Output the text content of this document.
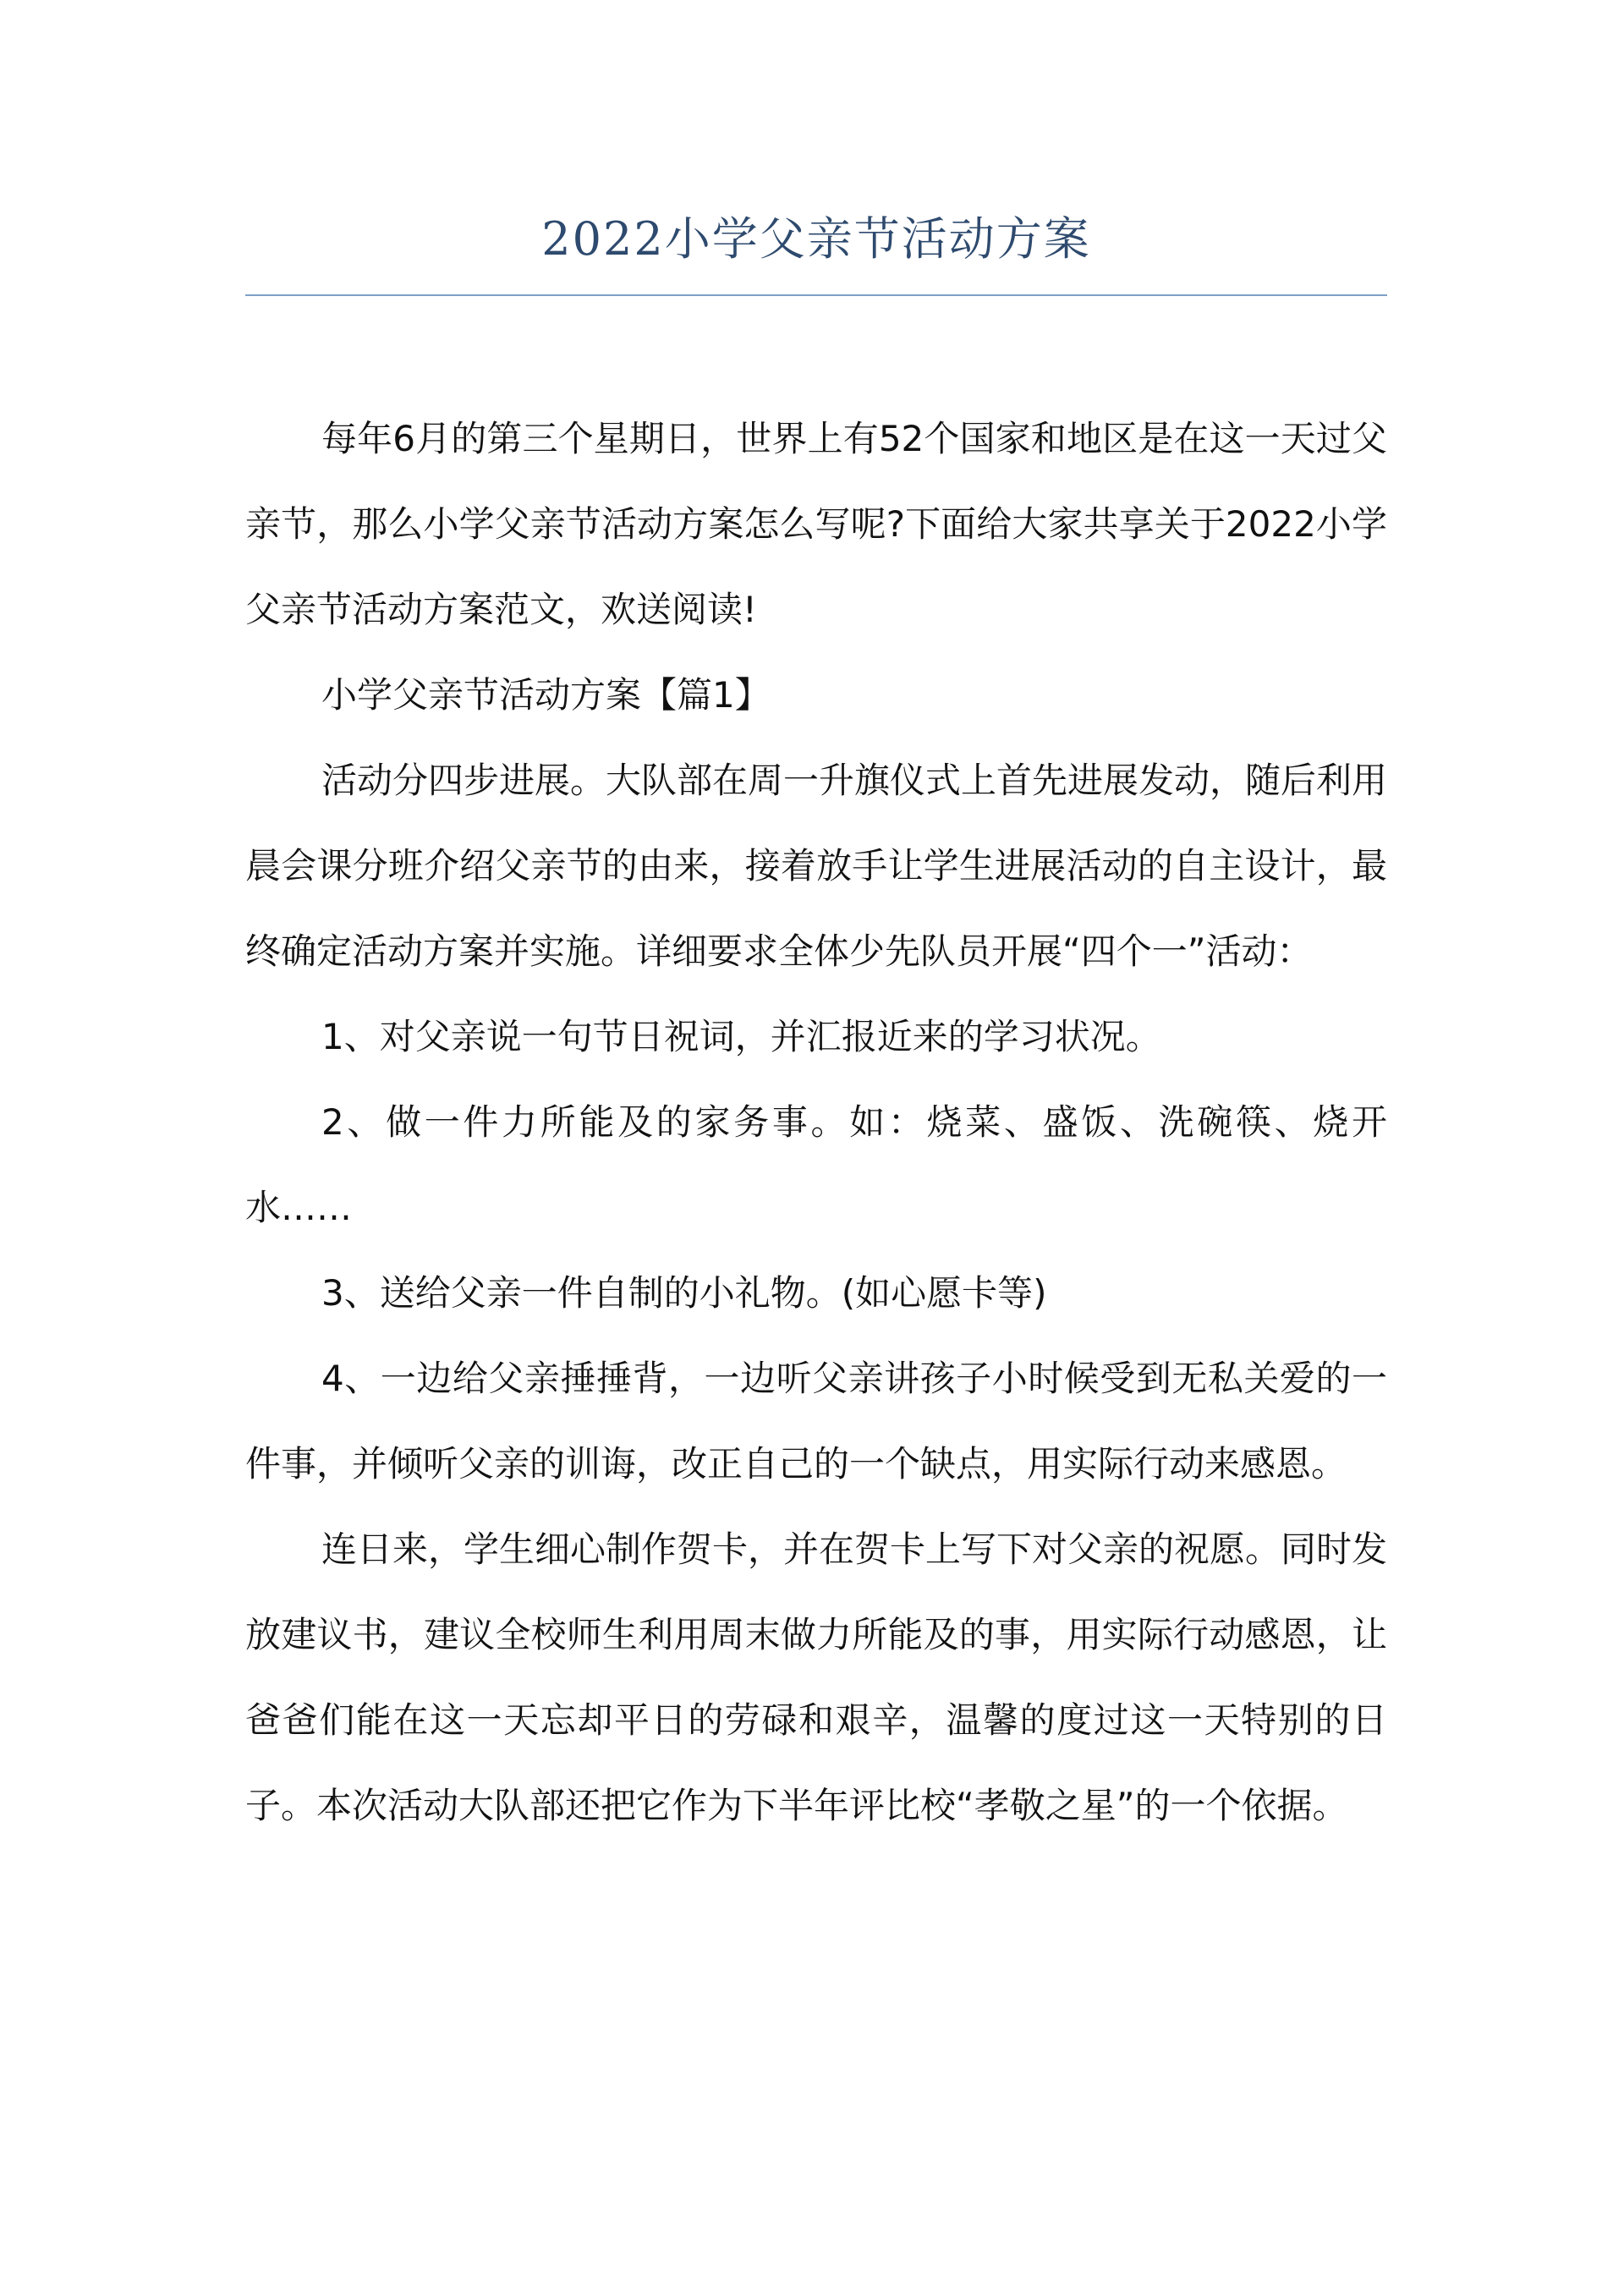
2022小学父亲节活动方案

每年6月的第三个星期日，世界上有52个国家和地区是在这一天过父亲节，那么小学父亲节活动方案怎么写呢?下面给大家共享关于2022小学父亲节活动方案范文，欢送阅读!

小学父亲节活动方案【篇1】

活动分四步进展。大队部在周一升旗仪式上首先进展发动，随后利用晨会课分班介绍父亲节的由来，接着放手让学生进展活动的自主设计，最终确定活动方案并实施。详细要求全体少先队员开展“四个一”活动：

1、对父亲说一句节日祝词，并汇报近来的学习状况。

2、做一件力所能及的家务事。如：烧菜、盛饭、洗碗筷、烧开水……

3、送给父亲一件自制的小礼物。(如心愿卡等)

4、一边给父亲捶捶背，一边听父亲讲孩子小时候受到无私关爱的一件事，并倾听父亲的训诲，改正自己的一个缺点，用实际行动来感恩。

连日来，学生细心制作贺卡，并在贺卡上写下对父亲的祝愿。同时发放建议书，建议全校师生利用周末做力所能及的事，用实际行动感恩，让爸爸们能在这一天忘却平日的劳碌和艰辛，温馨的度过这一天特别的日子。本次活动大队部还把它作为下半年评比校“孝敬之星”的一个依据。
